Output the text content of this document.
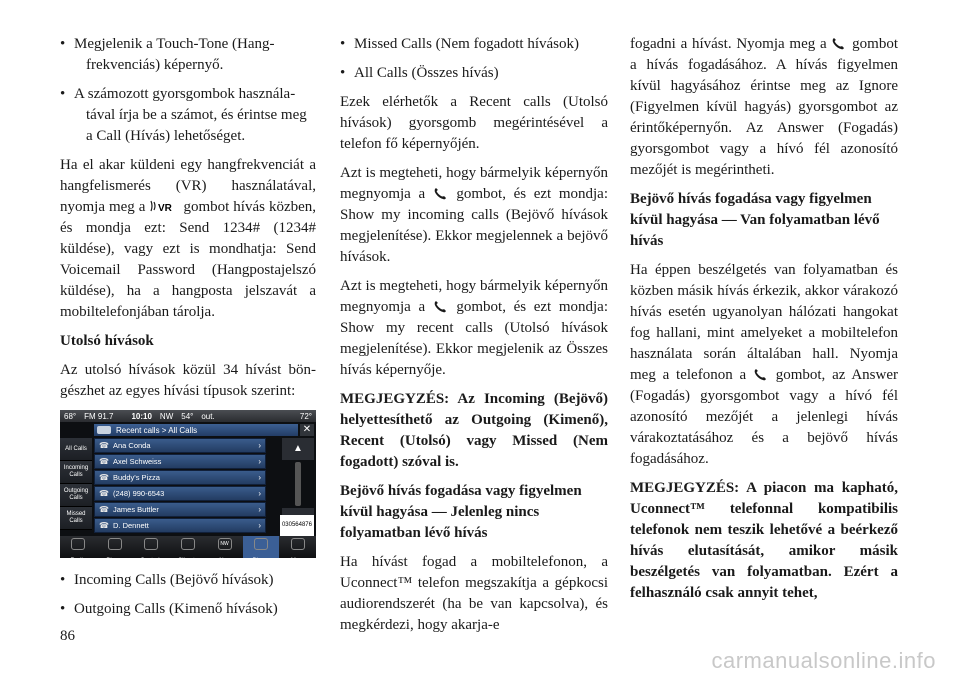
• Megjelenik a Touch-Tone (Hangfrekvenciás) képernyő.
• A számozott gyorsgombok használatával írja be a számot, és érintse meg a Call (Hívás) lehetőséget.

Ha el akar küldeni egy hangfrekvenciát a hangfelismerés (VR) használatával, nyomja meg a VR gombot hívás közben, és mondja ezt: Send 1234# (1234# küldése), vagy ezt is mondhatja: Send Voicemail Password (Hangpostajelszó küldése), ha a hangposta jelszavát a mobiltelefonjában tárolja.

Utolsó hívások

Az utolsó hívások közül 34 hívást böngészhet az egyes hívási típusok szerint:

68° FM 91.7 10:10 NW 54° out.	72°
Recent calls > All Calls	✕
All Calls
Incoming Calls
Outgoing Calls
Missed Calls
☎ Ana Conda	›
☎ Axel Schweiss	›
☎ Buddy's Pizza	›
☎ (248) 990-6543	›
☎ James Buttler	›
☎ D. Dennett	›
▲
030564876
Radio	Player	Controls	Climate
NW
Nav	Phone	More
• Incoming Calls (Bejövő hívások)
• Outgoing Calls (Kimenő hívások)
• Missed Calls (Nem fogadott hívások)
• All Calls (Összes hívás)

Ezek elérhetők a Recent calls (Utolsó hívások) gyorsgomb megérintésével a telefon fő képernyőjén.

Azt is megteheti, hogy bármelyik képernyőn megnyomja a gombot, és ezt mondja: Show my incoming calls (Bejövő hívások megjelenítése). Ekkor megjelennek a bejövő hívások.

Azt is megteheti, hogy bármelyik képernyőn megnyomja a gombot, és ezt mondja: Show my recent calls (Utolsó hívások megjelenítése). Ekkor megjelenik az Összes hívás képernyője.

MEGJEGYZÉS: Az Incoming (Bejövő) helyettesíthető az Outgoing (Kimenő), Recent (Utolsó) vagy Missed (Nem fogadott) szóval is.

Bejövő hívás fogadása vagy figyelmen kívül hagyása — Jelenleg nincs folyamatban lévő hívás

Ha hívást fogad a mobiltelefonon, a Uconnect™ telefon megszakítja a gépkocsi audiorendszerét (ha be van kapcsolva), és megkérdezi, hogy akarja-e

fogadni a hívást. Nyomja meg a gombot a hívás fogadásához. A hívás figyelmen kívül hagyásához érintse meg az Ignore (Figyelmen kívül hagyás) gyorsgombot az érintőképernyőn. Az Answer (Fogadás) gyorsgombot vagy a hívó fél azonosító mezőjét is megérintheti.

Bejövő hívás fogadása vagy figyelmen kívül hagyása — Van folyamatban lévő hívás

Ha éppen beszélgetés van folyamatban és közben másik hívás érkezik, akkor várakozó hívás esetén ugyanolyan hálózati hangokat fog hallani, mint amelyeket a mobiltelefon használata során általában hall. Nyomja meg a telefonon a gombot, az Answer (Fogadás) gyorsgombot vagy a hívó fél azonosító mezőjét a jelenlegi hívás várakoztatásához és a bejövő hívás fogadásához.

MEGJEGYZÉS: A piacon ma kapható, Uconnect™ telefonnal kompatibilis telefonok nem teszik lehetővé a beérkező hívás elutasítását, amikor másik beszélgetés van folyamatban. Ezért a felhasználó csak annyit tehet,

86
carmanualsonline.info
